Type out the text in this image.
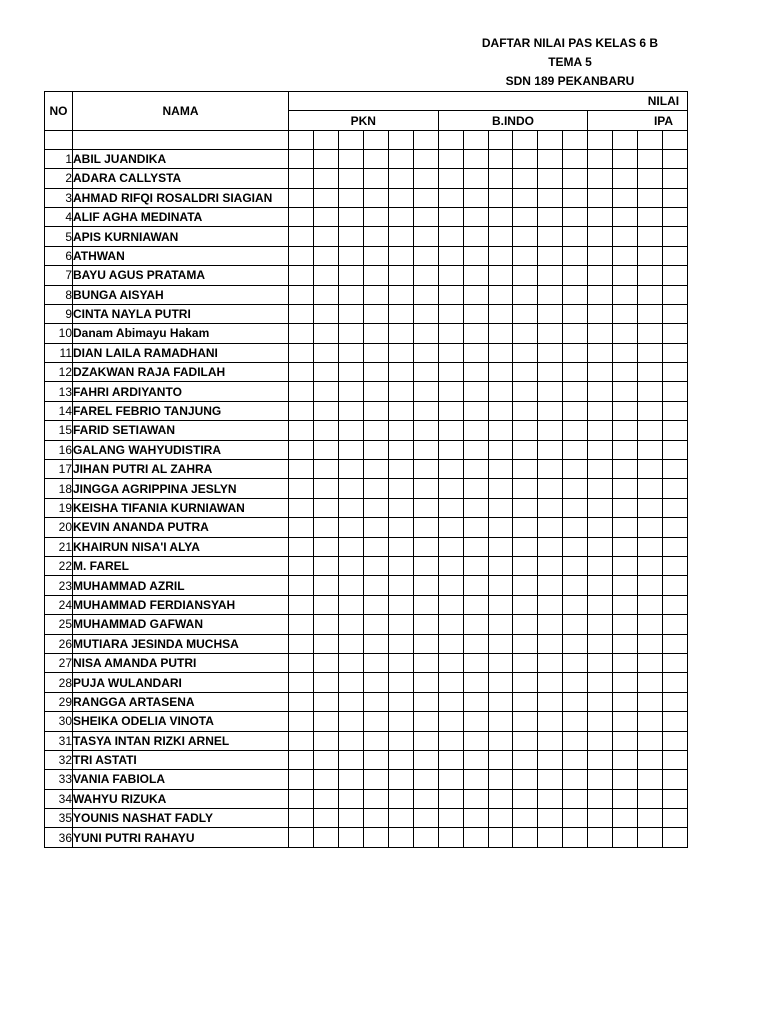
DAFTAR NILAI PAS KELAS 6 B
TEMA 5
SDN 189 PEKANBARU
NO	NAMA	NILAI															
		PKN						B.INDO						IPA			

1	ABIL JUANDIKA																
2	ADARA CALLYSTA																
3	AHMAD RIFQI ROSALDRI SIAGIAN																
4	ALIF AGHA MEDINATA																
5	APIS KURNIAWAN																
6	ATHWAN																
7	BAYU AGUS PRATAMA																
8	BUNGA AISYAH																
9	CINTA NAYLA PUTRI																
10	Danam Abimayu Hakam																
11	DIAN LAILA RAMADHANI																
12	DZAKWAN RAJA FADILAH																
13	FAHRI ARDIYANTO																
14	FAREL FEBRIO TANJUNG																
15	FARID SETIAWAN																
16	GALANG WAHYUDISTIRA																
17	JIHAN PUTRI AL ZAHRA																
18	JINGGA AGRIPPINA JESLYN																
19	KEISHA TIFANIA KURNIAWAN																
20	KEVIN ANANDA PUTRA																
21	KHAIRUN NISA'I ALYA																
22	M. FAREL																
23	MUHAMMAD AZRIL																
24	MUHAMMAD FERDIANSYAH																
25	MUHAMMAD GAFWAN																
26	MUTIARA JESINDA MUCHSA																
27	NISA AMANDA PUTRI																
28	PUJA WULANDARI																
29	RANGGA ARTASENA																
30	SHEIKA ODELIA VINOTA																
31	TASYA INTAN RIZKI ARNEL																
32	TRI ASTATI																
33	VANIA FABIOLA																
34	WAHYU RIZUKA																
35	YOUNIS NASHAT FADLY																
36	YUNI PUTRI RAHAYU																
